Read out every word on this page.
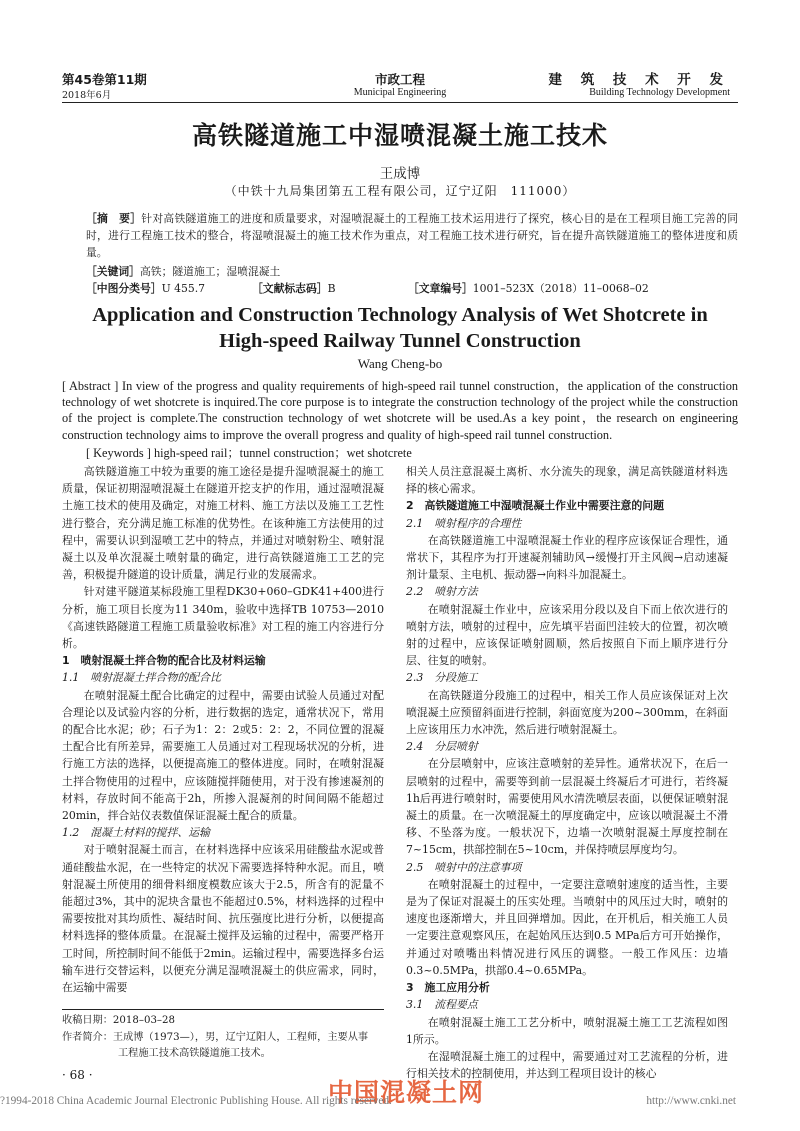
第45卷第11期
2018年6月
市政工程
Municipal Engineering
建 筑 技 术 开 发
Building Technology Development
高铁隧道施工中湿喷混凝土施工技术
王成博
（中铁十九局集团第五工程有限公司，辽宁辽阳　111000）
［摘　要］针对高铁隧道施工的进度和质量要求，对湿喷混凝土的工程施工技术运用进行了探究，核心目的是在工程项目施工完善的同时，进行工程施工技术的整合，将湿喷混凝土的施工技术作为重点，对工程施工技术进行研究，旨在提升高铁隧道施工的整体进度和质量。
［关键词］高铁；隧道施工；湿喷混凝土
［中图分类号］U 455.7	［文献标志码］B	［文章编号］1001–523X（2018）11–0068–02
Application and Construction Technology Analysis of Wet Shotcrete in
High-speed Railway Tunnel Construction
Wang Cheng-bo
[ Abstract ] In view of the progress and quality requirements of high-speed rail tunnel construction，the application of the construction technology of wet shotcrete is inquired.The core purpose is to integrate the construction technology of the project while the construction of the project is complete.The construction technology of wet shotcrete will be used.As a key point，the research on engineering construction technology aims to improve the overall progress and quality of high-speed rail tunnel construction.
[ Keywords ] high-speed rail；tunnel construction；wet shotcrete

高铁隧道施工中较为重要的施工途径是提升湿喷混凝土的施工质量，保证初期湿喷混凝土在隧道开挖支护的作用，通过湿喷混凝土施工技术的使用及确定，对施工材料、施工方法以及施工工艺性进行整合，充分满足施工标准的优势性。在该种施工方法使用的过程中，需要认识到湿喷工艺中的特点，并通过对喷射粉尘、喷射混凝土以及单次混凝土喷射量的确定，进行高铁隧道施工工艺的完善，积极提升隧道的设计质量，满足行业的发展需求。

针对建平隧道某标段施工里程DK30+060–GDK41+400进行分析，施工项目长度为11 340m，验收中选择TB 10753—2010《高速铁路隧道工程施工质量验收标准》对工程的施工内容进行分析。

1　喷射混凝土拌合物的配合比及材料运输

1.1　喷射混凝土拌合物的配合比

在喷射混凝土配合比确定的过程中，需要由试验人员通过对配合理论以及试验内容的分析，进行数据的选定，通常状况下，常用的配合比水泥；砂；石子为1：2：2或5：2：2，不同位置的混凝土配合比有所差异，需要施工人员通过对工程现场状况的分析，进行施工方法的选择，以便提高施工的整体进度。同时，在喷射混凝土拌合物使用的过程中，应该随搅拌随使用，对于没有掺速凝剂的材料，存放时间不能高于2h，所掺入混凝剂的时间间隔不能超过20min，拌合站仪表数值保证混凝土配合的质量。

1.2　混凝土材料的搅拌、运输

对于喷射混凝土而言，在材料选择中应该采用硅酸盐水泥或普通硅酸盐水泥，在一些特定的状况下需要选择特种水泥。而且，喷射混凝土所使用的细骨料细度模数应该大于2.5，所含有的泥量不能超过3%，其中的泥块含量也不能超过0.5%，材料选择的过程中需要按批对其均质性、凝结时间、抗压强度比进行分析，以便提高材料选择的整体质量。在混凝土搅拌及运输的过程中，需要严格开工时间，所控制时间不能低于2min。运输过程中，需要选择多台运输车进行交替运料，以便充分满足湿喷混凝土的供应需求，同时，在运输中需要

相关人员注意混凝土离析、水分流失的现象，满足高铁隧道材料选择的核心需求。

2　高铁隧道施工中湿喷混凝土作业中需要注意的问题

2.1　喷射程序的合理性

在高铁隧道施工中湿喷混凝土作业的程序应该保证合理性，通常状下，其程序为打开速凝剂辅助风→缓慢打开主风阀→启动速凝剂计量泵、主电机、振动器→向料斗加混凝土。

2.2　喷射方法

在喷射混凝土作业中，应该采用分段以及自下而上依次进行的喷射方法，喷射的过程中，应先填平岩面凹洼较大的位置，初次喷射的过程中，应该保证喷射圆顺，然后按照自下而上顺序进行分层、往复的喷射。

2.3　分段施工

在高铁隧道分段施工的过程中，相关工作人员应该保证对上次喷混凝土应预留斜面进行控制，斜面宽度为200~300mm，在斜面上应该用压力水冲洗，然后进行喷射混凝土。

2.4　分层喷射

在分层喷射中，应该注意喷射的差异性。通常状况下，在后一层喷射的过程中，需要等到前一层混凝土终凝后才可进行，若终凝1h后再进行喷射时，需要使用风水清洗喷层表面，以便保证喷射混凝土的质量。在一次喷混凝土的厚度确定中，应该以喷混凝土不滑移、不坠落为度。一般状况下，边墙一次喷射混凝土厚度控制在7~15cm，拱部控制在5~10cm，并保持喷层厚度均匀。

2.5　喷射中的注意事项

在喷射混凝土的过程中，一定要注意喷射速度的适当性，主要是为了保证对混凝土的压实处理。当喷射中的风压过大时，喷射的速度也逐渐增大，并且回弹增加。因此，在开机后，相关施工人员一定要注意观察风压，在起始风压达到0.5 MPa后方可开始操作，并通过对喷嘴出料情况进行风压的调整。一般工作风压：边墙0.3~0.5MPa，拱部0.4~0.65MPa。

3　施工应用分析

3.1　流程要点

在喷射混凝土施工工艺分析中，喷射混凝土施工工艺流程如图1所示。

在湿喷混凝土施工的过程中，需要通过对工艺流程的分析，进行相关技术的控制使用，并达到工程项目设计的核心

收稿日期：2018–03–28
作者简介：王成博（1973—），男，辽宁辽阳人，工程师，主要从事
工程施工技术高铁隧道施工技术。
· 68 ·
中国混凝土网
?1994-2018 China Academic Journal Electronic Publishing House. All rights reserved.	http://www.cnki.net
